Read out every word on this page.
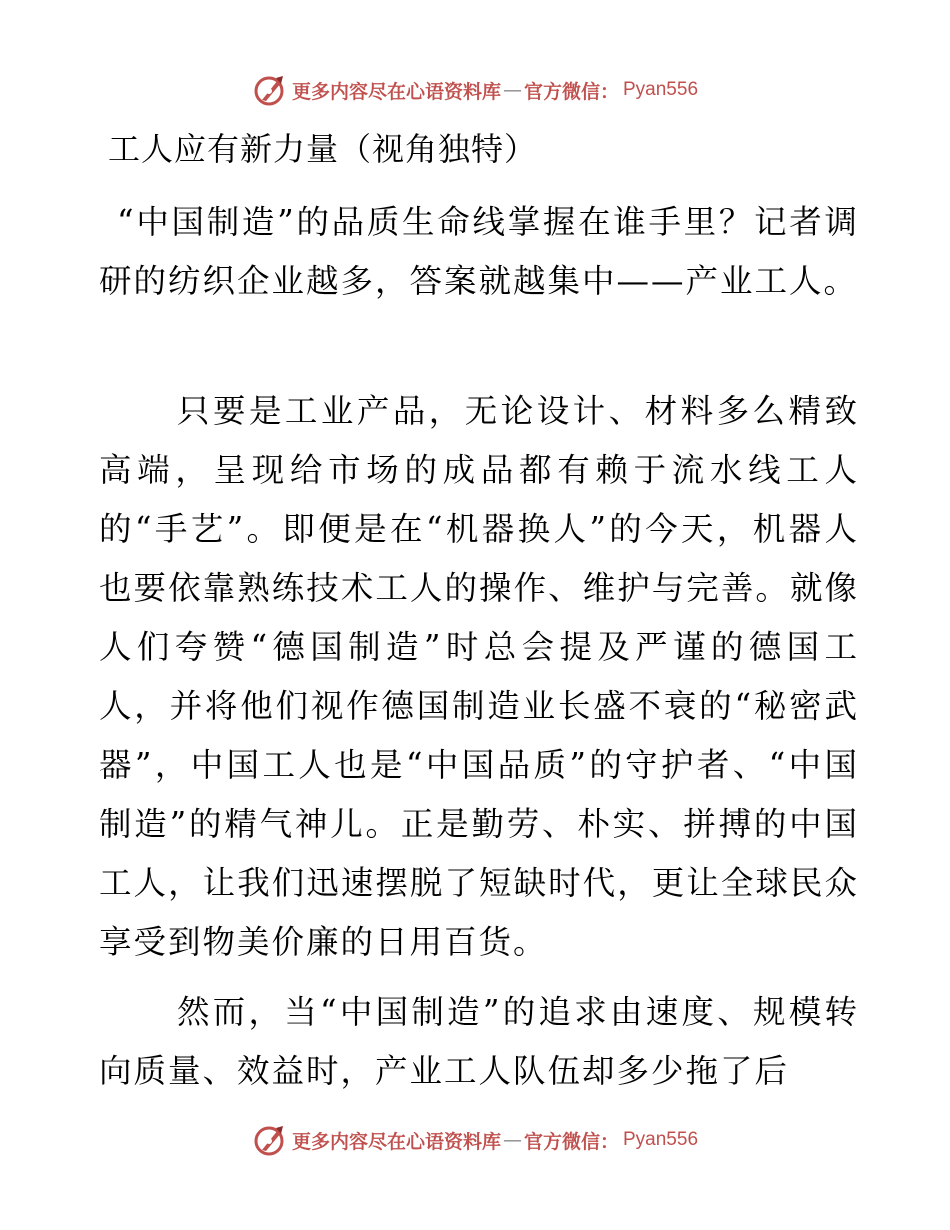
更多内容尽在心语资料库 — 官方微信： Pyan556
工人应有新力量（视角独特）

“中国制造”的品质生命线掌握在谁手里？记者调研的纺织企业越多，答案就越集中——产业工人。

只要是工业产品，无论设计、材料多么精致高端，呈现给市场的成品都有赖于流水线工人的“手艺”。即便是在“机器换人”的今天，机器人也要依靠熟练技术工人的操作、维护与完善。就像人们夸赞“德国制造”时总会提及严谨的德国工人，并将他们视作德国制造业长盛不衰的“秘密武器”，中国工人也是“中国品质”的守护者、“中国制造”的精气神儿。正是勤劳、朴实、拼搏的中国工人，让我们迅速摆脱了短缺时代，更让全球民众享受到物美价廉的日用百货。

然而，当“中国制造”的追求由速度、规模转向质量、效益时，产业工人队伍却多少拖了后

更多内容尽在心语资料库 — 官方微信： Pyan556
